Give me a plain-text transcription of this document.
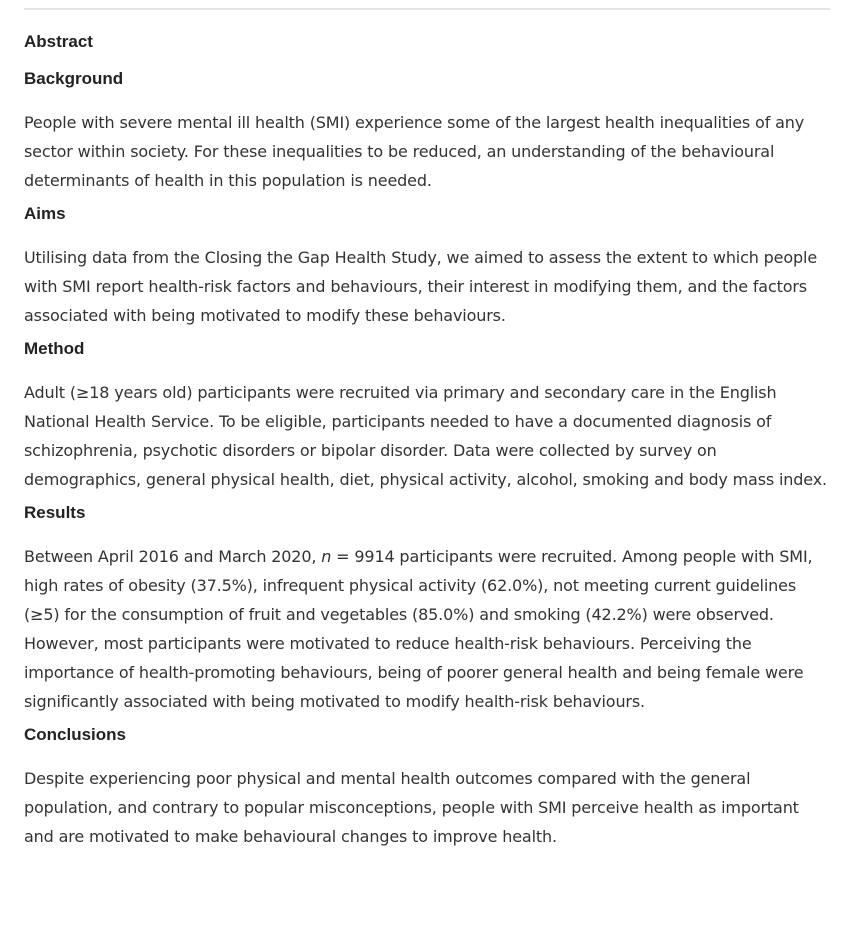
Abstract
Background

People with severe mental ill health (SMI) experience some of the largest health inequalities of any sector within society. For these inequalities to be reduced, an understanding of the behavioural determinants of health in this population is needed.

Aims

Utilising data from the Closing the Gap Health Study, we aimed to assess the extent to which people with SMI report health-risk factors and behaviours, their interest in modifying them, and the factors associated with being motivated to modify these behaviours.

Method

Adult (≥18 years old) participants were recruited via primary and secondary care in the English National Health Service. To be eligible, participants needed to have a documented diagnosis of schizophrenia, psychotic disorders or bipolar disorder. Data were collected by survey on demographics, general physical health, diet, physical activity, alcohol, smoking and body mass index.

Results

Between April 2016 and March 2020, n = 9914 participants were recruited. Among people with SMI, high rates of obesity (37.5%), infrequent physical activity (62.0%), not meeting current guidelines (≥5) for the consumption of fruit and vegetables (85.0%) and smoking (42.2%) were observed. However, most participants were motivated to reduce health-risk behaviours. Perceiving the importance of health-promoting behaviours, being of poorer general health and being female were significantly associated with being motivated to modify health-risk behaviours.

Conclusions

Despite experiencing poor physical and mental health outcomes compared with the general population, and contrary to popular misconceptions, people with SMI perceive health as important and are motivated to make behavioural changes to improve health.
